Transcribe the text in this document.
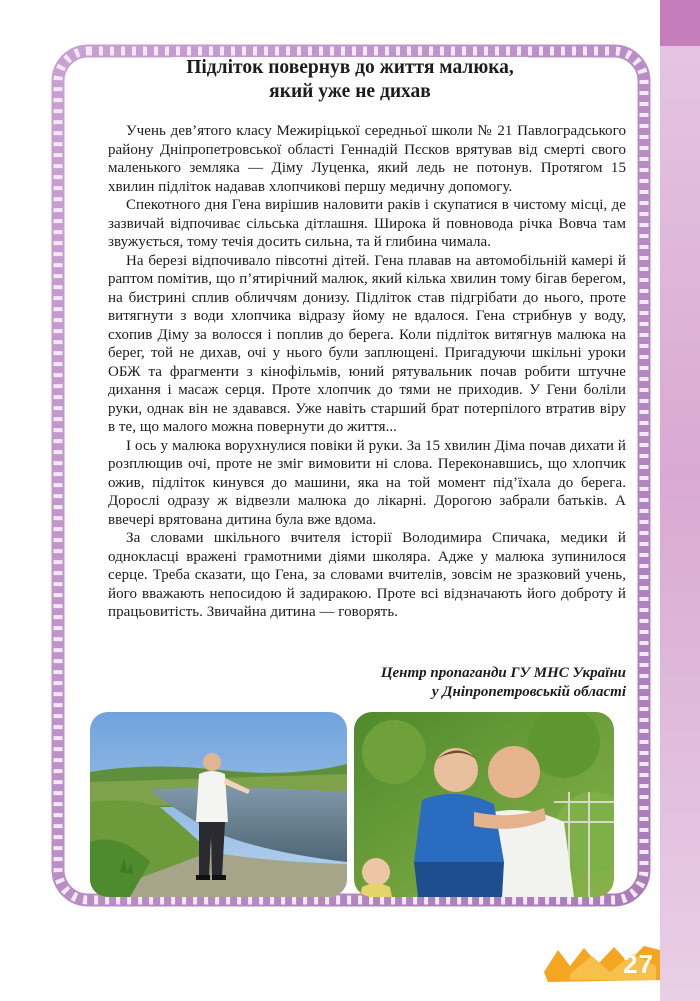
Підліток повернув до життя малюка,
який уже не дихав

Учень дев’ятого класу Межиріцької середньої школи № 21 Павлоградського району Дніпропетровської області Геннадій Пєсков врятував від смерті свого маленького земляка — Діму Луценка, який ледь не потонув. Протягом 15 хвилин підліток надавав хлопчикові першу медичну допомогу.

Спекотного дня Гена вирішив наловити раків і скупатися в чистому місці, де зазвичай відпочиває сільська дітлашня. Широка й повновода річка Вовча там звужується, тому течія досить сильна, та й глибина чимала.

На березі відпочивало півсотні дітей. Гена плавав на автомобільній камері й раптом помітив, що п’ятирічний малюк, який кілька хвилин тому бігав берегом, на бистрині сплив обличчям донизу. Підліток став підгрібати до нього, проте витягнути з води хлопчика відразу йому не вдалося. Гена стрибнув у воду, схопив Діму за волосся і поплив до берега. Коли підліток витягнув малюка на берег, той не дихав, очі у нього були заплющені. Пригадуючи шкільні уроки ОБЖ та фрагменти з кінофільмів, юний рятувальник почав робити штучне дихання і масаж серця. Проте хлопчик до тями не приходив. У Гени боліли руки, однак він не здавався. Уже навіть старший брат потерпілого втратив віру в те, що малого можна повернути до життя...

І ось у малюка ворухнулися повіки й руки. За 15 хвилин Діма почав дихати й розплющив очі, проте не зміг вимовити ні слова. Переконавшись, що хлопчик ожив, підліток кинувся до машини, яка на той момент під’їхала до берега. Дорослі одразу ж відвезли малюка до лікарні. Дорогою забрали батьків. А ввечері врятована дитина була вже вдома.

За словами шкільного вчителя історії Володимира Спичака, медики й однокласці вражені грамотними діями школяра. Адже у малюка зупинилося серце. Треба сказати, що Гена, за словами вчителів, зовсім не зразковий учень, його вважають непосидою й задиракою. Проте всі відзначають його доброту й працьовитість. Звичайна дитина — говорять.

Центр пропаганди ГУ МНС України
у Дніпропетровській області
27
